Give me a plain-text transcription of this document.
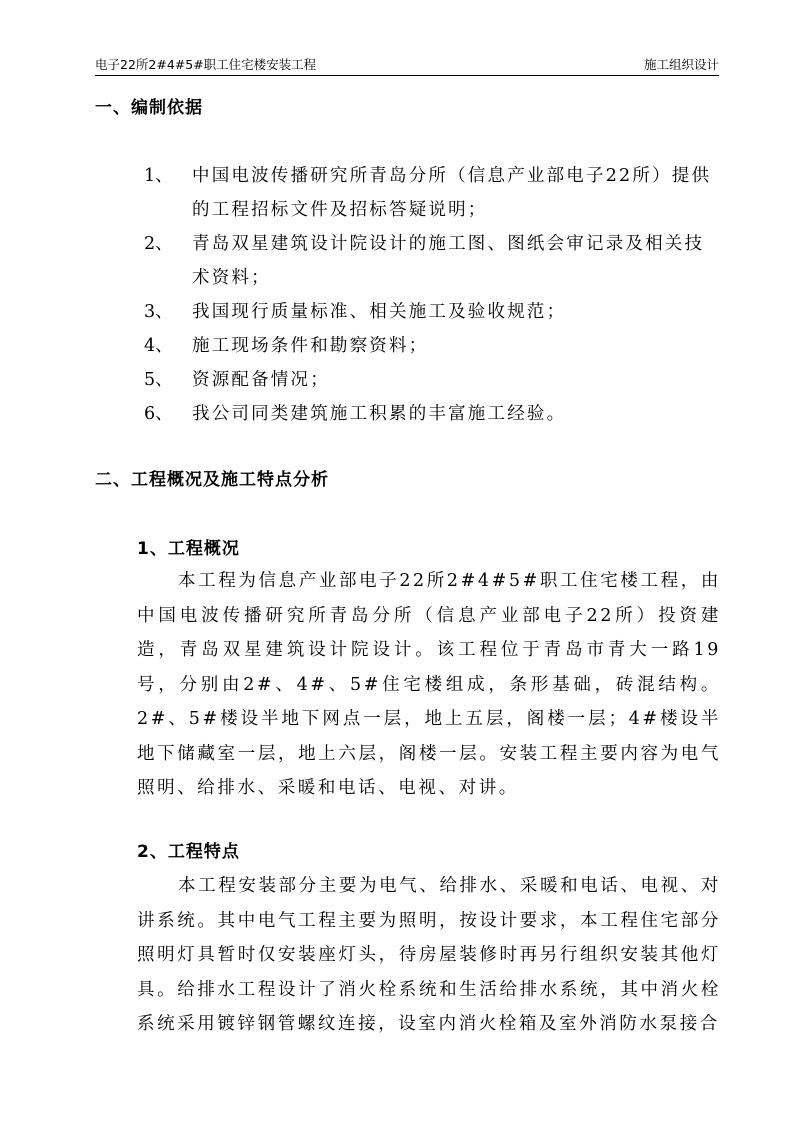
电子22所2#4#5#职工住宅楼安装工程	施工组织设计
一、编制依据
1、	中国电波传播研究所青岛分所（信息产业部电子22所）提供的工程招标文件及招标答疑说明；
2、	青岛双星建筑设计院设计的施工图、图纸会审记录及相关技术资料；
3、	我国现行质量标准、相关施工及验收规范；
4、	施工现场条件和勘察资料；
5、	资源配备情况；
6、	我公司同类建筑施工积累的丰富施工经验。
二、工程概况及施工特点分析
1、工程概况
本工程为信息产业部电子22所2#4#5#职工住宅楼工程，由中国电波传播研究所青岛分所（信息产业部电子22所）投资建造，青岛双星建筑设计院设计。该工程位于青岛市青大一路19号，分别由2#、4#、5#住宅楼组成，条形基础，砖混结构。2#、5#楼设半地下网点一层，地上五层，阁楼一层；4#楼设半地下储藏室一层，地上六层，阁楼一层。安装工程主要内容为电气照明、给排水、采暖和电话、电视、对讲。
2、工程特点
本工程安装部分主要为电气、给排水、采暖和电话、电视、对讲系统。其中电气工程主要为照明，按设计要求，本工程住宅部分照明灯具暂时仅安装座灯头，待房屋装修时再另行组织安装其他灯具。给排水工程设计了消火栓系统和生活给排水系统，其中消火栓系统采用镀锌钢管螺纹连接，设室内消火栓箱及室外消防水泵接合
